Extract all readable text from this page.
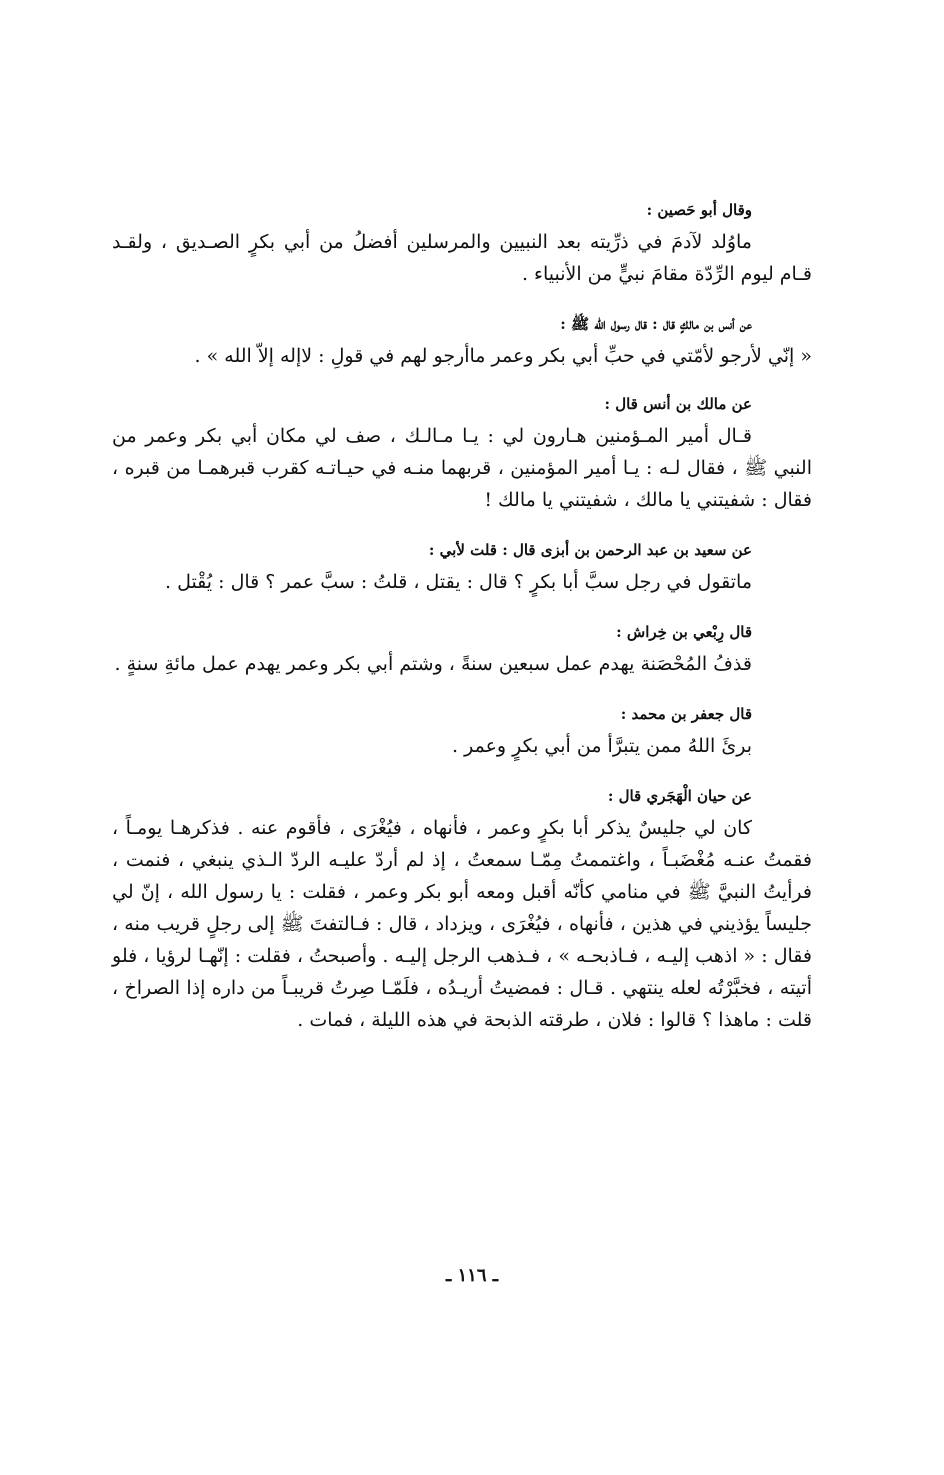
وقال أبو حَصين :

ماوُلد لآدمَ في ذرِّيته بعد النبيين والمرسلين أفضلُ من أبي بكرٍ الصـديق ، ولقـد قـام ليوم الرِّدّة مقامَ نبيٍّ من الأنبياء .

عن أنس بن مالكٍ قال : قال رسول الله ﷺ :

« إنّي لأرجو لأمّتي في حبِّ أبي بكر وعمر ماأرجو لهم في قولِ : لاإله إلاّ الله » .

عن مالك بن أنس قال :

قـال أمير المـؤمنين هـارون لي : يـا مـالـك ، صف لي مكان أبي بكر وعمر من النبي ﷺ ، فقال لـه : يـا أمير المؤمنين ، قربهما منـه في حيـاتـه كقرب قبرهمـا من قبره ، فقال : شفيتني يا مالك ، شفيتني يا مالك !

عن سعيد بن عبد الرحمن بن أبزى قال : قلت لأبي :

ماتقول في رجل سبَّ أبا بكرٍ ؟ قال : يقتل ، قلتُ : سبَّ عمر ؟ قال : يُقْتل .

قال رِبْعي بن خِراش :

قذفُ المُحْصَنة يهدم عمل سبعين سنةً ، وشتم أبي بكر وعمر يهدم عمل مائةِ سنةٍ .

قال جعفر بن محمد :

برئَ اللهُ ممن يتبرَّأ من أبي بكرٍ وعمر .

عن حيان الْهَجَري قال :

كان لي جليسٌ يذكر أبا بكرٍ وعمر ، فأنهاه ، فيُغْرَى ، فأقوم عنه . فذكرهـا يومـاً ، فقمتُ عنـه مُغْضَبـاً ، واغتممتُ مِمّـا سمعتُ ، إذ لم أردّ عليـه الردّ الـذي ينبغي ، فنمت ، فرأيتُ النبيَّ ﷺ في منامي كأنّه أقبل ومعه أبو بكر وعمر ، فقلت : يا رسول الله ، إنّ لي جليساً يؤذيني في هذين ، فأنهاه ، فيُغْرَى ، ويزداد ، قال : فـالتفتَ ﷺ إلى رجلٍ قريب منه ، فقال : « اذهب إليـه ، فـاذبحـه » ، فـذهب الرجل إليـه . وأصبحتُ ، فقلت : إنّهـا لرؤيا ، فلو أتيته ، فخبَّرْتُه لعله ينتهي . قـال : فمضيتُ أريـدُه ، فلَمّـا صِرتُ قريبـاً من داره إذا الصراخ ، قلت : ماهذا ؟ قالوا : فلان ، طرقته الذبحة في هذه الليلة ، فمات .

ـ ١١٦ ـ
